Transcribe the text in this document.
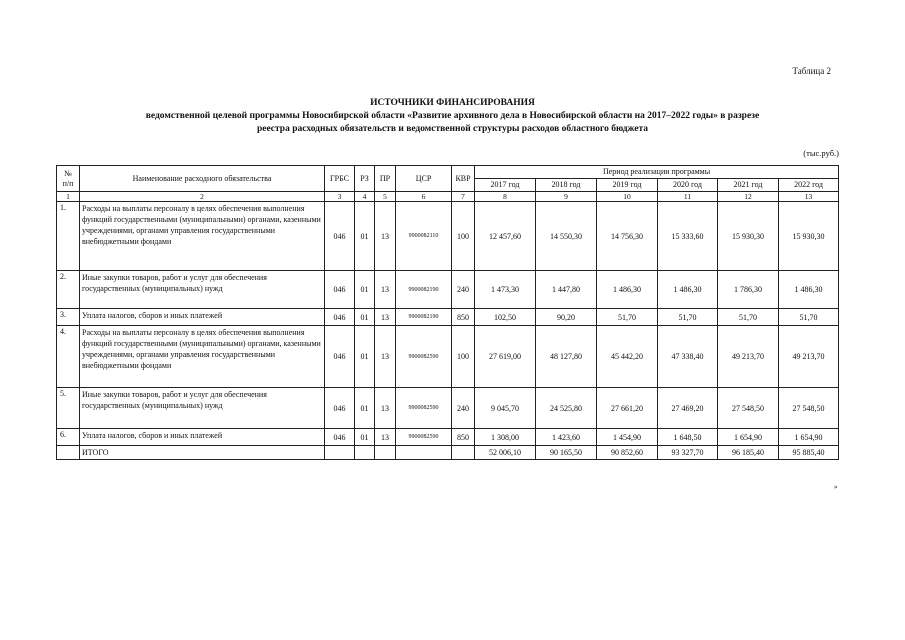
Таблица 2
ИСТОЧНИКИ ФИНАНСИРОВАНИЯ
ведомственной целевой программы Новосибирской области «Развитие архивного дела в Новосибирской области на 2017–2022 годы» в разрезе
реестра расходных обязательств и ведомственной структуры расходов областного бюджета
(тыс.руб.)
№ п/п	Наименование расходного обязательства	ГРБС	РЗ	ПР	ЦСР	КВР	Период реализации программы					
							2017 год	2018 год	2019 год	2020 год	2021 год	2022 год
1	2	3	4	5	6	7	8	9	10	11	12	13
1.	Расходы на выплаты персоналу в целях обеспечения выполнения функций государственными (муниципальными) органами, казенными учреждениями, органами управления государственными внебюджетными фондами	046	01	13	9900082110	100	12 457,60	14 550,30	14 756,30	15 333,60	15 930,30	15 930,30
2.	Иные закупки товаров, работ и услуг для обеспечения государственных (муниципальных) нужд	046	01	13	9900082190	240	1 473,30	1 447,80	1 486,30	1 486,30	1 786,30	1 486,30
3.	Уплата налогов, сборов и иных платежей	046	01	13	9900082190	850	102,50	90,20	51,70	51,70	51,70	51,70
4.	Расходы на выплаты персоналу в целях обеспечения выполнения функций государственными (муниципальными) органами, казенными учреждениями, органами управления государственными внебюджетными фондами	046	01	13	9900082590	100	27 619,00	48 127,80	45 442,20	47 338,40	49 213,70	49 213,70
5.	Иные закупки товаров, работ и услуг для обеспечения государственных (муниципальных) нужд	046	01	13	9900082590	240	9 045,70	24 525,80	27 661,20	27 469,20	27 548,50	27 548,50
6.	Уплата налогов, сборов и иных платежей	046	01	13	9900082590	850	1 308,00	1 423,60	1 454,90	1 648,50	1 654,90	1 654,90
	ИТОГО						52 006,10	90 165,50	90 852,60	93 327,70	96 185,40	95 885,40
»
